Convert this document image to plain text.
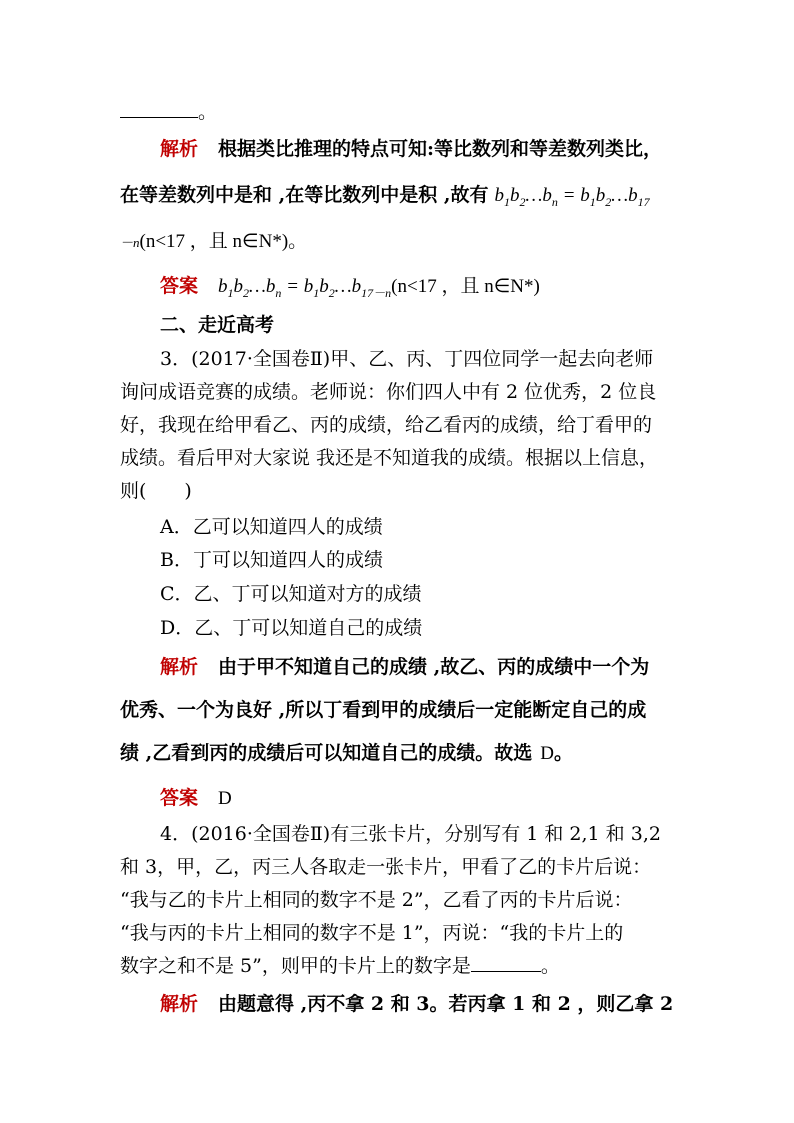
。
解析 根据类比推理的特点可知:等比数列和等差数列类比，
在等差数列中是和 ,在等比数列中是积 ,故有 $b_1b_2\dots b_n$ = $b_1b_2\dots b_{17}$
－n(n<17 ，且 n∈N*)。
答案 $b_1b_2\dots b_n$ = $b_1b_2\dots b_{17-n}(n<17$ ，且 n∈N*)
二、走近高考
3．(2017·全国卷Ⅱ)甲、乙、丙、丁四位同学一起去向老师
询问成语竞赛的成绩。老师说：你们四人中有 2 位优秀，2 位良
好，我现在给甲看乙、丙的成绩，给乙看丙的成绩，给丁看甲的
成绩。看后甲对大家说 我还是不知道我的成绩。根据以上信息，
则(　　)
A．乙可以知道四人的成绩
B．丁可以知道四人的成绩
C．乙、丁可以知道对方的成绩
D．乙、丁可以知道自己的成绩
解析 由于甲不知道自己的成绩 ,故乙、丙的成绩中一个为
优秀、一个为良好 ,所以丁看到甲的成绩后一定能断定自己的成
绩 ,乙看到丙的成绩后可以知道自己的成绩。故选 D。
答案 D
4．(2016·全国卷Ⅱ)有三张卡片，分别写有 1 和 2,1 和 3,2
和 3，甲，乙，丙三人各取走一张卡片，甲看了乙的卡片后说：
“我与乙的卡片上相同的数字不是 2”，乙看了丙的卡片后说：
“我与丙的卡片上相同的数字不是 1”，丙说：“我的卡片上的
数字之和不是 5”，则甲的卡片上的数字是	。
解析 由题意得 ,丙不拿 2 和 3。若丙拿 1 和 2 ，则乙拿 2
